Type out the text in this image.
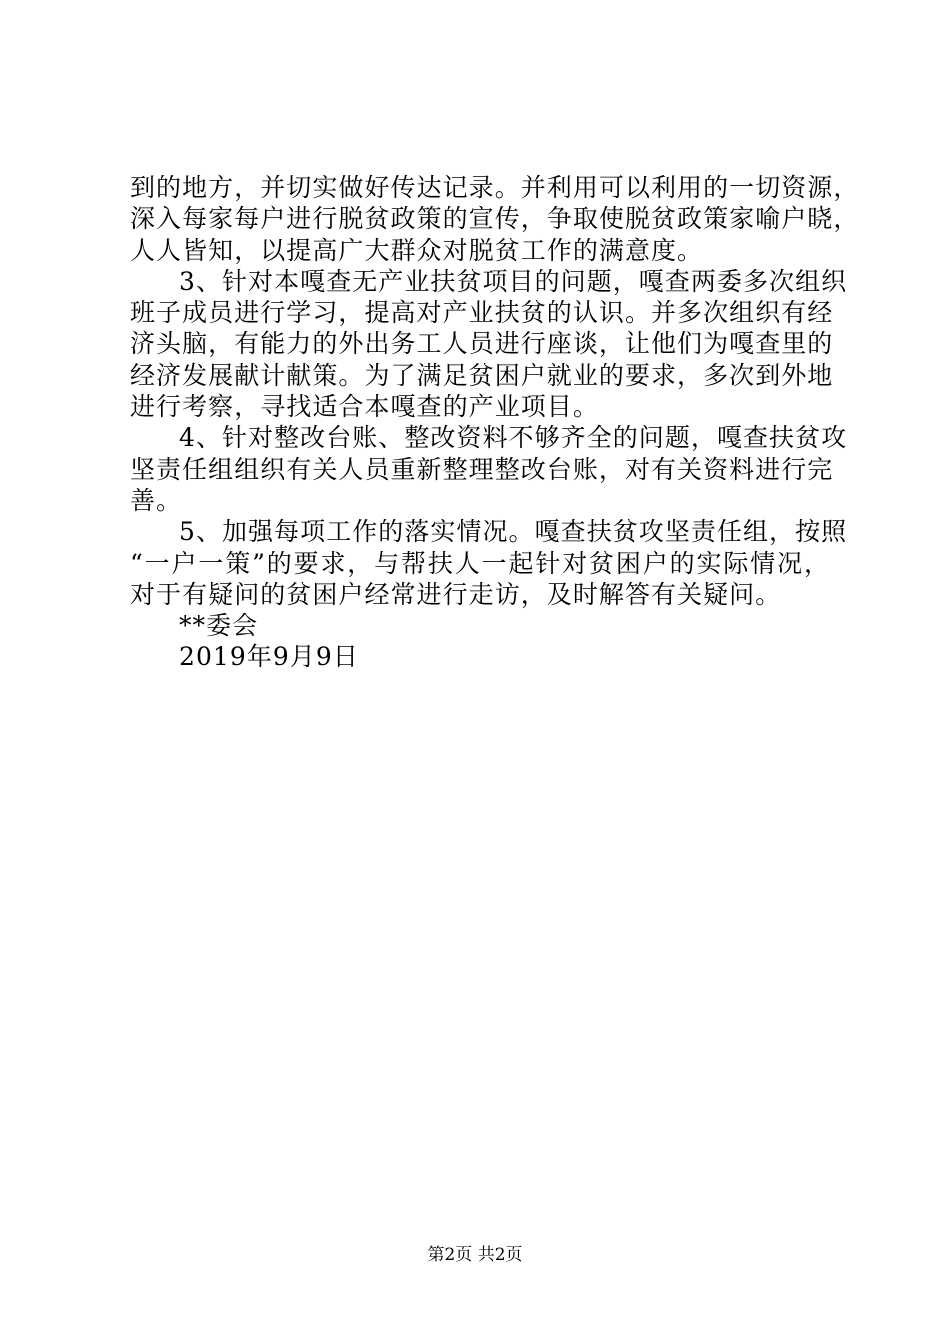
到的地方，并切实做好传达记录。并利用可以利用的一切资源，
深入每家每户进行脱贫政策的宣传，争取使脱贫政策家喻户晓，
人人皆知，以提高广大群众对脱贫工作的满意度。
3、针对本嘎查无产业扶贫项目的问题，嘎查两委多次组织
班子成员进行学习，提高对产业扶贫的认识。并多次组织有经
济头脑，有能力的外出务工人员进行座谈，让他们为嘎查里的
经济发展献计献策。为了满足贫困户就业的要求，多次到外地
进行考察，寻找适合本嘎查的产业项目。
4、针对整改台账、整改资料不够齐全的问题，嘎查扶贫攻
坚责任组组织有关人员重新整理整改台账，对有关资料进行完
善。
5、加强每项工作的落实情况。嘎查扶贫攻坚责任组，按照
“一户一策”的要求，与帮扶人一起针对贫困户的实际情况，
对于有疑问的贫困户经常进行走访，及时解答有关疑问。
**委会
2019年9月9日
第2页 共2页
